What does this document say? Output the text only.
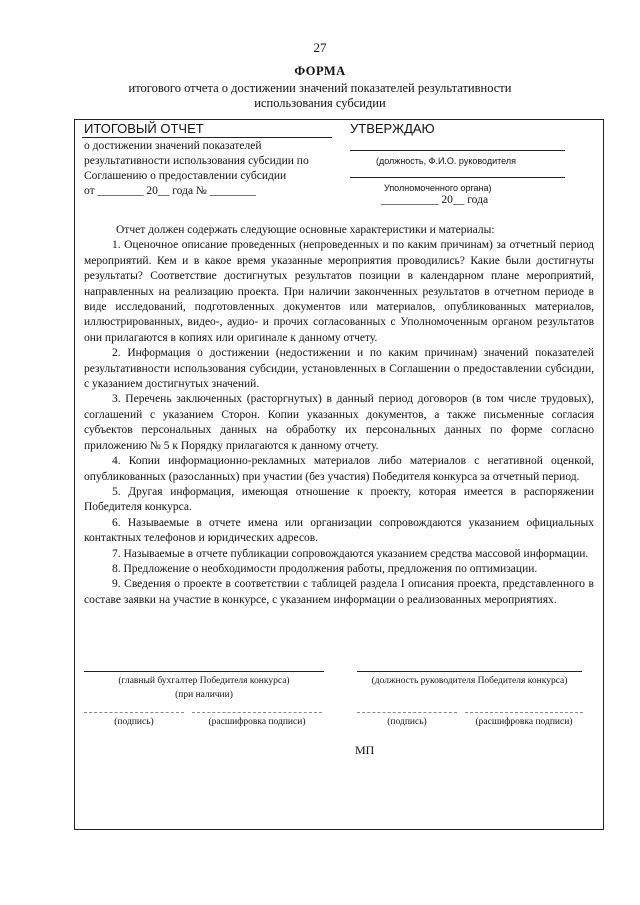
27
ФОРМА
итогового отчета о достижении значений показателей результативности
использования субсидии
ИТОГОВЫЙ ОТЧЕТ
о достижении значений показателей
результативности использования субсидии по
Соглашению о предоставлении субсидии
от ________ 20__ года № ________
УТВЕРЖДАЮ
(должность, Ф.И.О. руководителя
Уполномоченного органа)
__________ 20__ года

Отчет должен содержать следующие основные характеристики и материалы:

1. Оценочное описание проведенных (непроведенных и по каким причинам) за отчетный период мероприятий. Кем и в какое время указанные мероприятия проводились? Какие были достигнуты результаты? Соответствие достигнутых результатов позиции в календарном плане мероприятий, направленных на реализацию проекта. При наличии законченных результатов в отчетном периоде в виде исследований, подготовленных документов или материалов, опубликованных материалов, иллюстрированных, видео-, аудио- и прочих согласованных с Уполномоченным органом результатов они прилагаются в копиях или оригинале к данному отчету.

2. Информация о достижении (недостижении и по каким причинам) значений показателей результативности использования субсидии, установленных в Соглашении о предоставлении субсидии, с указанием достигнутых значений.

3. Перечень заключенных (расторгнутых) в данный период договоров (в том числе трудовых), соглашений с указанием Сторон. Копии указанных документов, а также письменные согласия субъектов персональных данных на обработку их персональных данных по форме согласно приложению № 5 к Порядку прилагаются к данному отчету.

4. Копии информационно-рекламных материалов либо материалов с негативной оценкой, опубликованных (разосланных) при участии (без участия) Победителя конкурса за отчетный период.

5. Другая информация, имеющая отношение к проекту, которая имеется в распоряжении Победителя конкурса.

6. Называемые в отчете имена или организации сопровождаются указанием официальных контактных телефонов и юридических адресов.

7. Называемые в отчете публикации сопровождаются указанием средства массовой информации.

8. Предложение о необходимости продолжения работы, предложения по оптимизации.

9. Сведения о проекте в соответствии с таблицей раздела I описания проекта, представленного в составе заявки на участие в конкурсе, с указанием информации о реализованных мероприятиях.

(главный бухгалтер Победителя конкурса)	(должность руководителя Победителя конкурса)
(при наличии)
(подпись)	(расшифровка подписи)	(подпись)	(расшифровка подписи)
МП
